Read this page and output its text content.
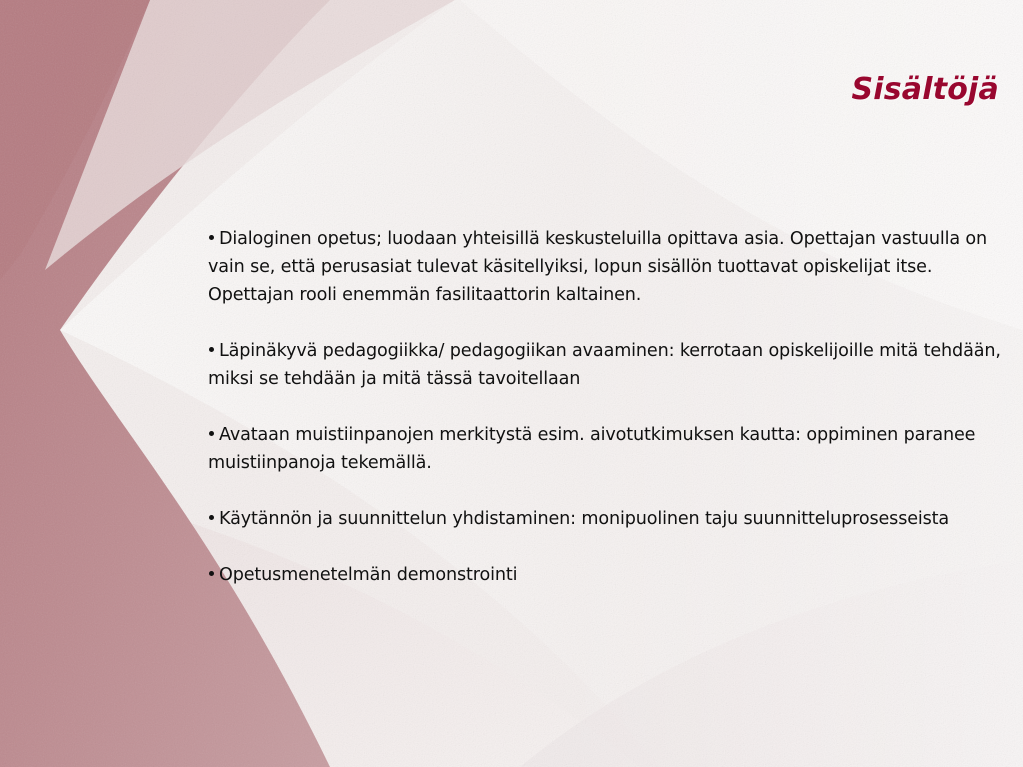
Sisältöjä
Dialoginen opetus; luodaan yhteisillä keskusteluilla opittava asia. Opettajan vastuulla on vain se, että perusasiat tulevat käsitellyiksi, lopun sisällön tuottavat opiskelijat itse. Opettajan rooli enemmän fasilitaattorin kaltainen.
Läpinäkyvä pedagogiikka/ pedagogiikan avaaminen: kerrotaan opiskelijoille mitä tehdään, miksi se tehdään ja mitä tässä tavoitellaan
Avataan muistiinpanojen merkitystä esim. aivotutkimuksen kautta: oppiminen paranee muistiinpanoja tekemällä.
Käytännön ja suunnittelun yhdistaminen: monipuolinen taju suunnitteluprosesseista
Opetusmenetelmän demonstrointi
